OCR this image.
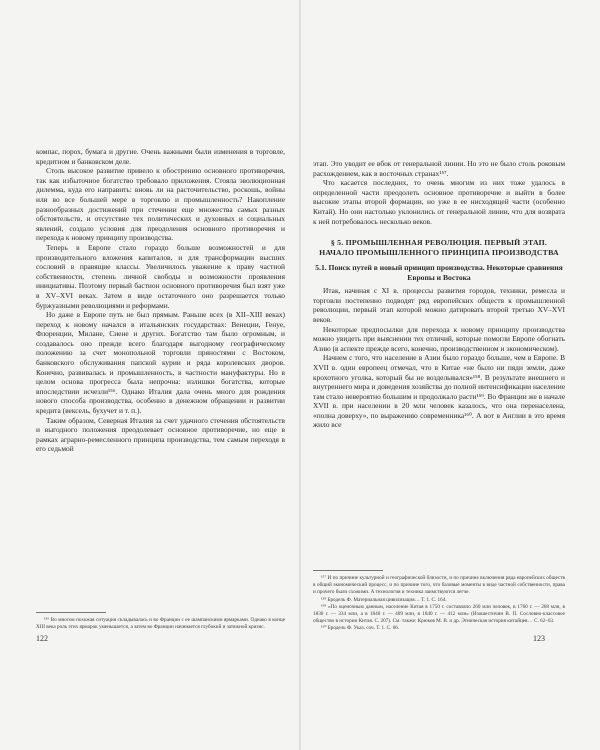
компас, порох, бумага и другие. Очень важными были изменения в торговле, кредитном и банковском деле.

Столь высокое развитие привело к обострению основного противоречия, так как избыточное богатство требовало приложения. Стояла эволюционная дилемма, куда его направить: вновь ли на расточительство, роскошь, войны или во все большей мере в торговлю и промышленность? Накопление разнообразных достижений при стечении еще множества самых разных обстоятельств, и отсутствие тех политических и духовных и социальных явлений, создало условия для преодоления основного противоречия и перехода к новому принципу производства.

Теперь в Европе стало гораздо больше возможностей и для производительного вложения капиталов, и для трансформации высших сословий в правящие классы. Увеличилось уважение к праву частной собственности, степень личной свободы и возможности проявления инициативы. Поэтому первый бастион основного противоречия был взят уже в XV–XVI веках. Затем в виде остаточного оно разрешается только буржуазными революциями и реформами.

Но даже в Европе путь не был прямым. Раньше всех (в XII–XIII веках) переход к новому начался в итальянских государствах: Венеции, Генуе, Флоренции, Милане, Сиене и других. Богатство там было огромным, и создавалось оно прежде всего благодаря выгодному географическому положению за счет монопольной торговли пряностями с Востоком, банковского обслуживания папской курии и ряда королевских дворов. Конечно, развивалась и промышленность, в частности мануфактуры. Но в целом основа прогресса была непрочна: излишки богатства, которые впоследствии исчезли¹⁵⁶. Однако Италия дала очень много для рождения нового способа производства, особенно в денежном обращении и развитии кредита (вексель, бухучет и т. п.).

Таким образом, Северная Италия за счет удачного стечения обстоятельств и выгодного положения преодолевает основное противоречие, но еще в рамках аграрно-ремесленного принципа производства, тем самым переходя в его седьмой

¹⁵⁶ Во многом похожая ситуация складывалась и во Франции с ее шампанскими ярмарками. Однако в конце XIII века роль этих ярмарок уменьшается, а затем во Франции начинается глубокий и затяжной кризис.

122

этап. Это уводит ее вбок от генеральной линии. Но это не было столь роковым расхождением, как в восточных странах¹⁵⁷.

Что касается последних, то очень многим из них тоже удалось в определенной части преодолеть основное противоречие и выйти в более высокие этапы второй формации, но уже в ее нисходящей части (особенно Китай). Но они настолько уклонились от генеральной линии, что для возврата к ней потребовалось несколько веков.

§ 5. ПРОМЫШЛЕННАЯ РЕВОЛЮЦИЯ. ПЕРВЫЙ ЭТАП. НАЧАЛО ПРОМЫШЛЕННОГО ПРИНЦИПА ПРОИЗВОДСТВА
5.1. Поиск путей в новый принцип производства. Некоторые сравнения Европы и Востока

Итак, начиная с XI в. процессы развития городов, техники, ремесла и торговли постепенно подводят ряд европейских обществ к промышленной революции, первый этап которой можно датировать второй третью XV–XVI веков.

Некоторые предпосылки для перехода к новому принципу производства можно увидеть при выяснении тех отличий, которые помогли Европе обогнать Азию (в аспекте прежде всего, конечно, производственном и экономическом).

Начнем с того, что население в Азии было гораздо больше, чем в Европе. В XVII в. один европеец отмечал, что в Китае «не было ни пяди земли, даже крохотного уголка, который бы не возделывался»¹⁵⁸. В результате внешнего и внутреннего мира и доведения хозяйства до полной интенсификации население там стало невероятно большим и продолжало расти¹⁵⁹. Во Франции же в начале XVII в. при населении в 20 млн человек казалось, что она перенаселена, «полна доверху», по выражению современника¹⁶⁰. А вот в Англии в это время жило все

¹⁵⁷ И по причине культурной и географической близости, и по причине включения ряда европейских обществ в общий экономический процесс, и по причине того, что базовые моменты в виде частной собственности, права и прочего были схожими. А технология и техника заимствуются легче.

¹⁵⁸ Бродель Ф. Материальная цивилизация… Т. 1. С. 164.

¹⁵⁹ «По оценочным данным, население Китая в 1750 г. составляло 260 млн человек, в 1760 г. — 268 млн, в 1830 г. — 334 млн, а в 1840 г. — 409 млн, в 1840 г. — 412 млн» (Изошестичин В. П. Сословно-классовое общество в истории Китая. С. 207). См. также: Крюков М. В. и др. Этническая история китайцев… С. 62–63.

¹⁶⁰ Бродель Ф. Указ. соч. Т. 1. С. 66.

123
